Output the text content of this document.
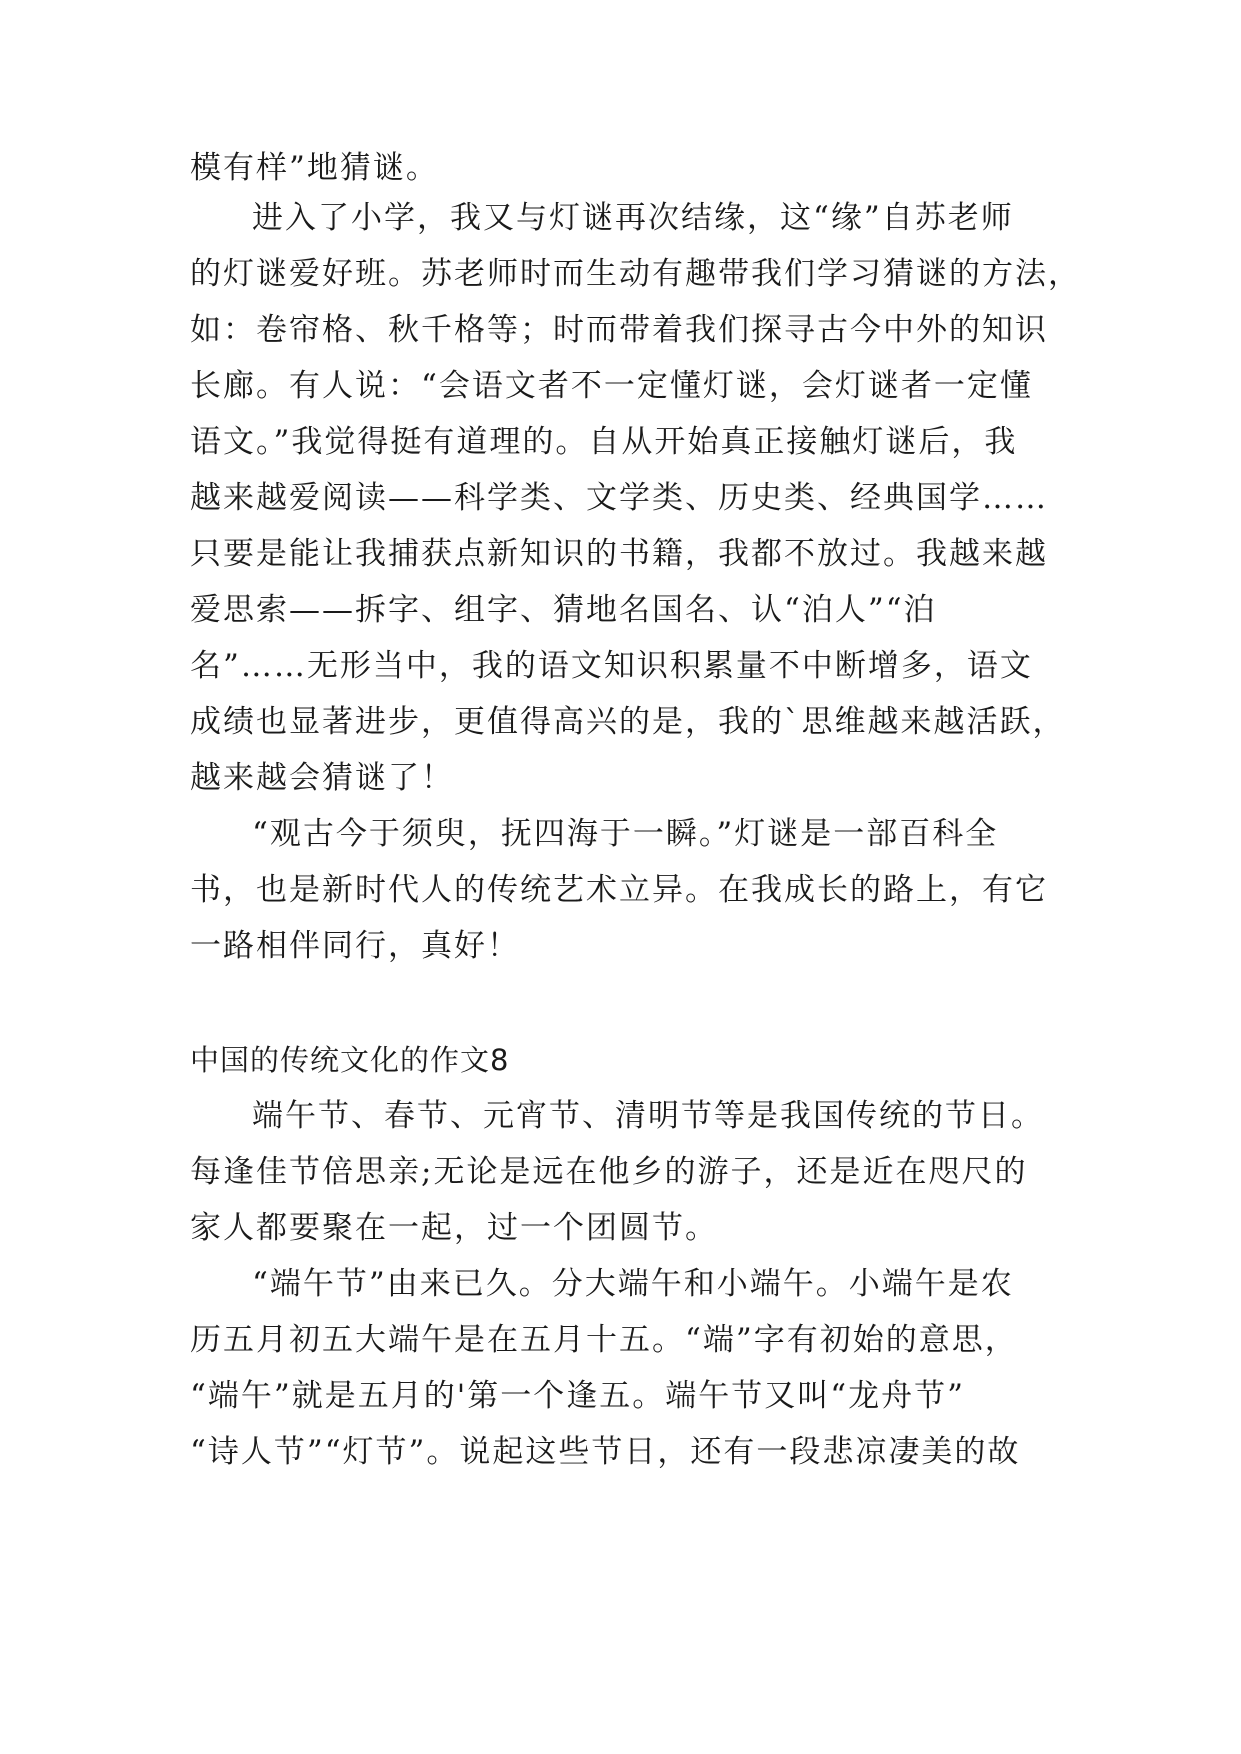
模有样”地猜谜。
进入了小学，我又与灯谜再次结缘，这“缘”自苏老师
的灯谜爱好班。苏老师时而生动有趣带我们学习猜谜的方法，
如：卷帘格、秋千格等；时而带着我们探寻古今中外的知识
长廊。有人说：“会语文者不一定懂灯谜，会灯谜者一定懂
语文。”我觉得挺有道理的。自从开始真正接触灯谜后，我
越来越爱阅读——科学类、文学类、历史类、经典国学……
只要是能让我捕获点新知识的书籍，我都不放过。我越来越
爱思索——拆字、组字、猜地名国名、认“泊人”“泊
名”……无形当中，我的语文知识积累量不中断增多，语文
成绩也显著进步，更值得高兴的是，我的`思维越来越活跃，
越来越会猜谜了！
“观古今于须臾，抚四海于一瞬。”灯谜是一部百科全
书，也是新时代人的传统艺术立异。在我成长的路上，有它
一路相伴同行，真好！
中国的传统文化的作文8
端午节、春节、元宵节、清明节等是我国传统的节日。
每逢佳节倍思亲;无论是远在他乡的游子，还是近在咫尺的
家人都要聚在一起，过一个团圆节。
“端午节”由来已久。分大端午和小端午。小端午是农
历五月初五大端午是在五月十五。“端”字有初始的意思，
“端午”就是五月的'第一个逢五。端午节又叫“龙舟节”
“诗人节”“灯节”。说起这些节日，还有一段悲凉凄美的故
